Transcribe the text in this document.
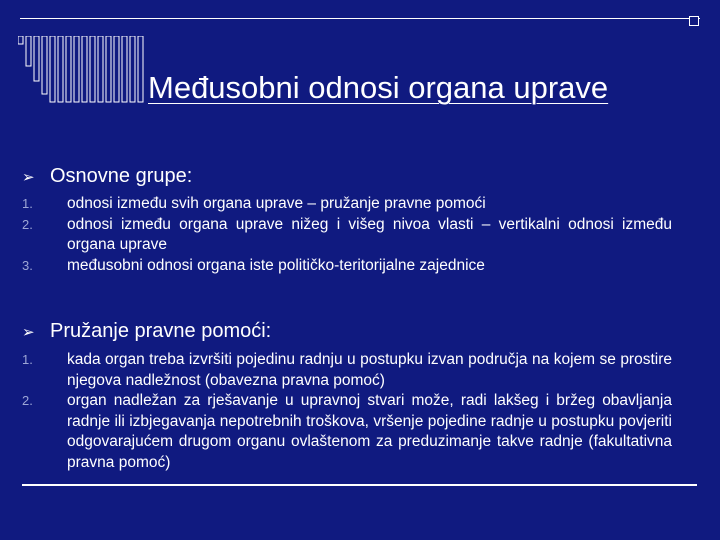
Međusobni odnosi organa uprave
➢ Osnovne grupe:
1.	odnosi između svih organa uprave – pružanje pravne pomoći
2.	odnosi između organa uprave nižeg i višeg nivoa vlasti – vertikalni odnosi između organa uprave
3.	međusobni odnosi organa iste političko-teritorijalne zajednice
➢ Pružanje pravne pomoći:
1.	kada organ treba izvršiti pojedinu radnju u postupku izvan područja na kojem se prostire njegova nadležnost (obavezna pravna pomoć)
2.	organ nadležan za rješavanje u upravnoj stvari može, radi lakšeg i bržeg obavljanja radnje ili izbjegavanja nepotrebnih troškova, vršenje pojedine radnje u postupku povjeriti odgovarajućem drugom organu ovlaštenom za preduzimanje takve radnje (fakultativna pravna pomoć)
